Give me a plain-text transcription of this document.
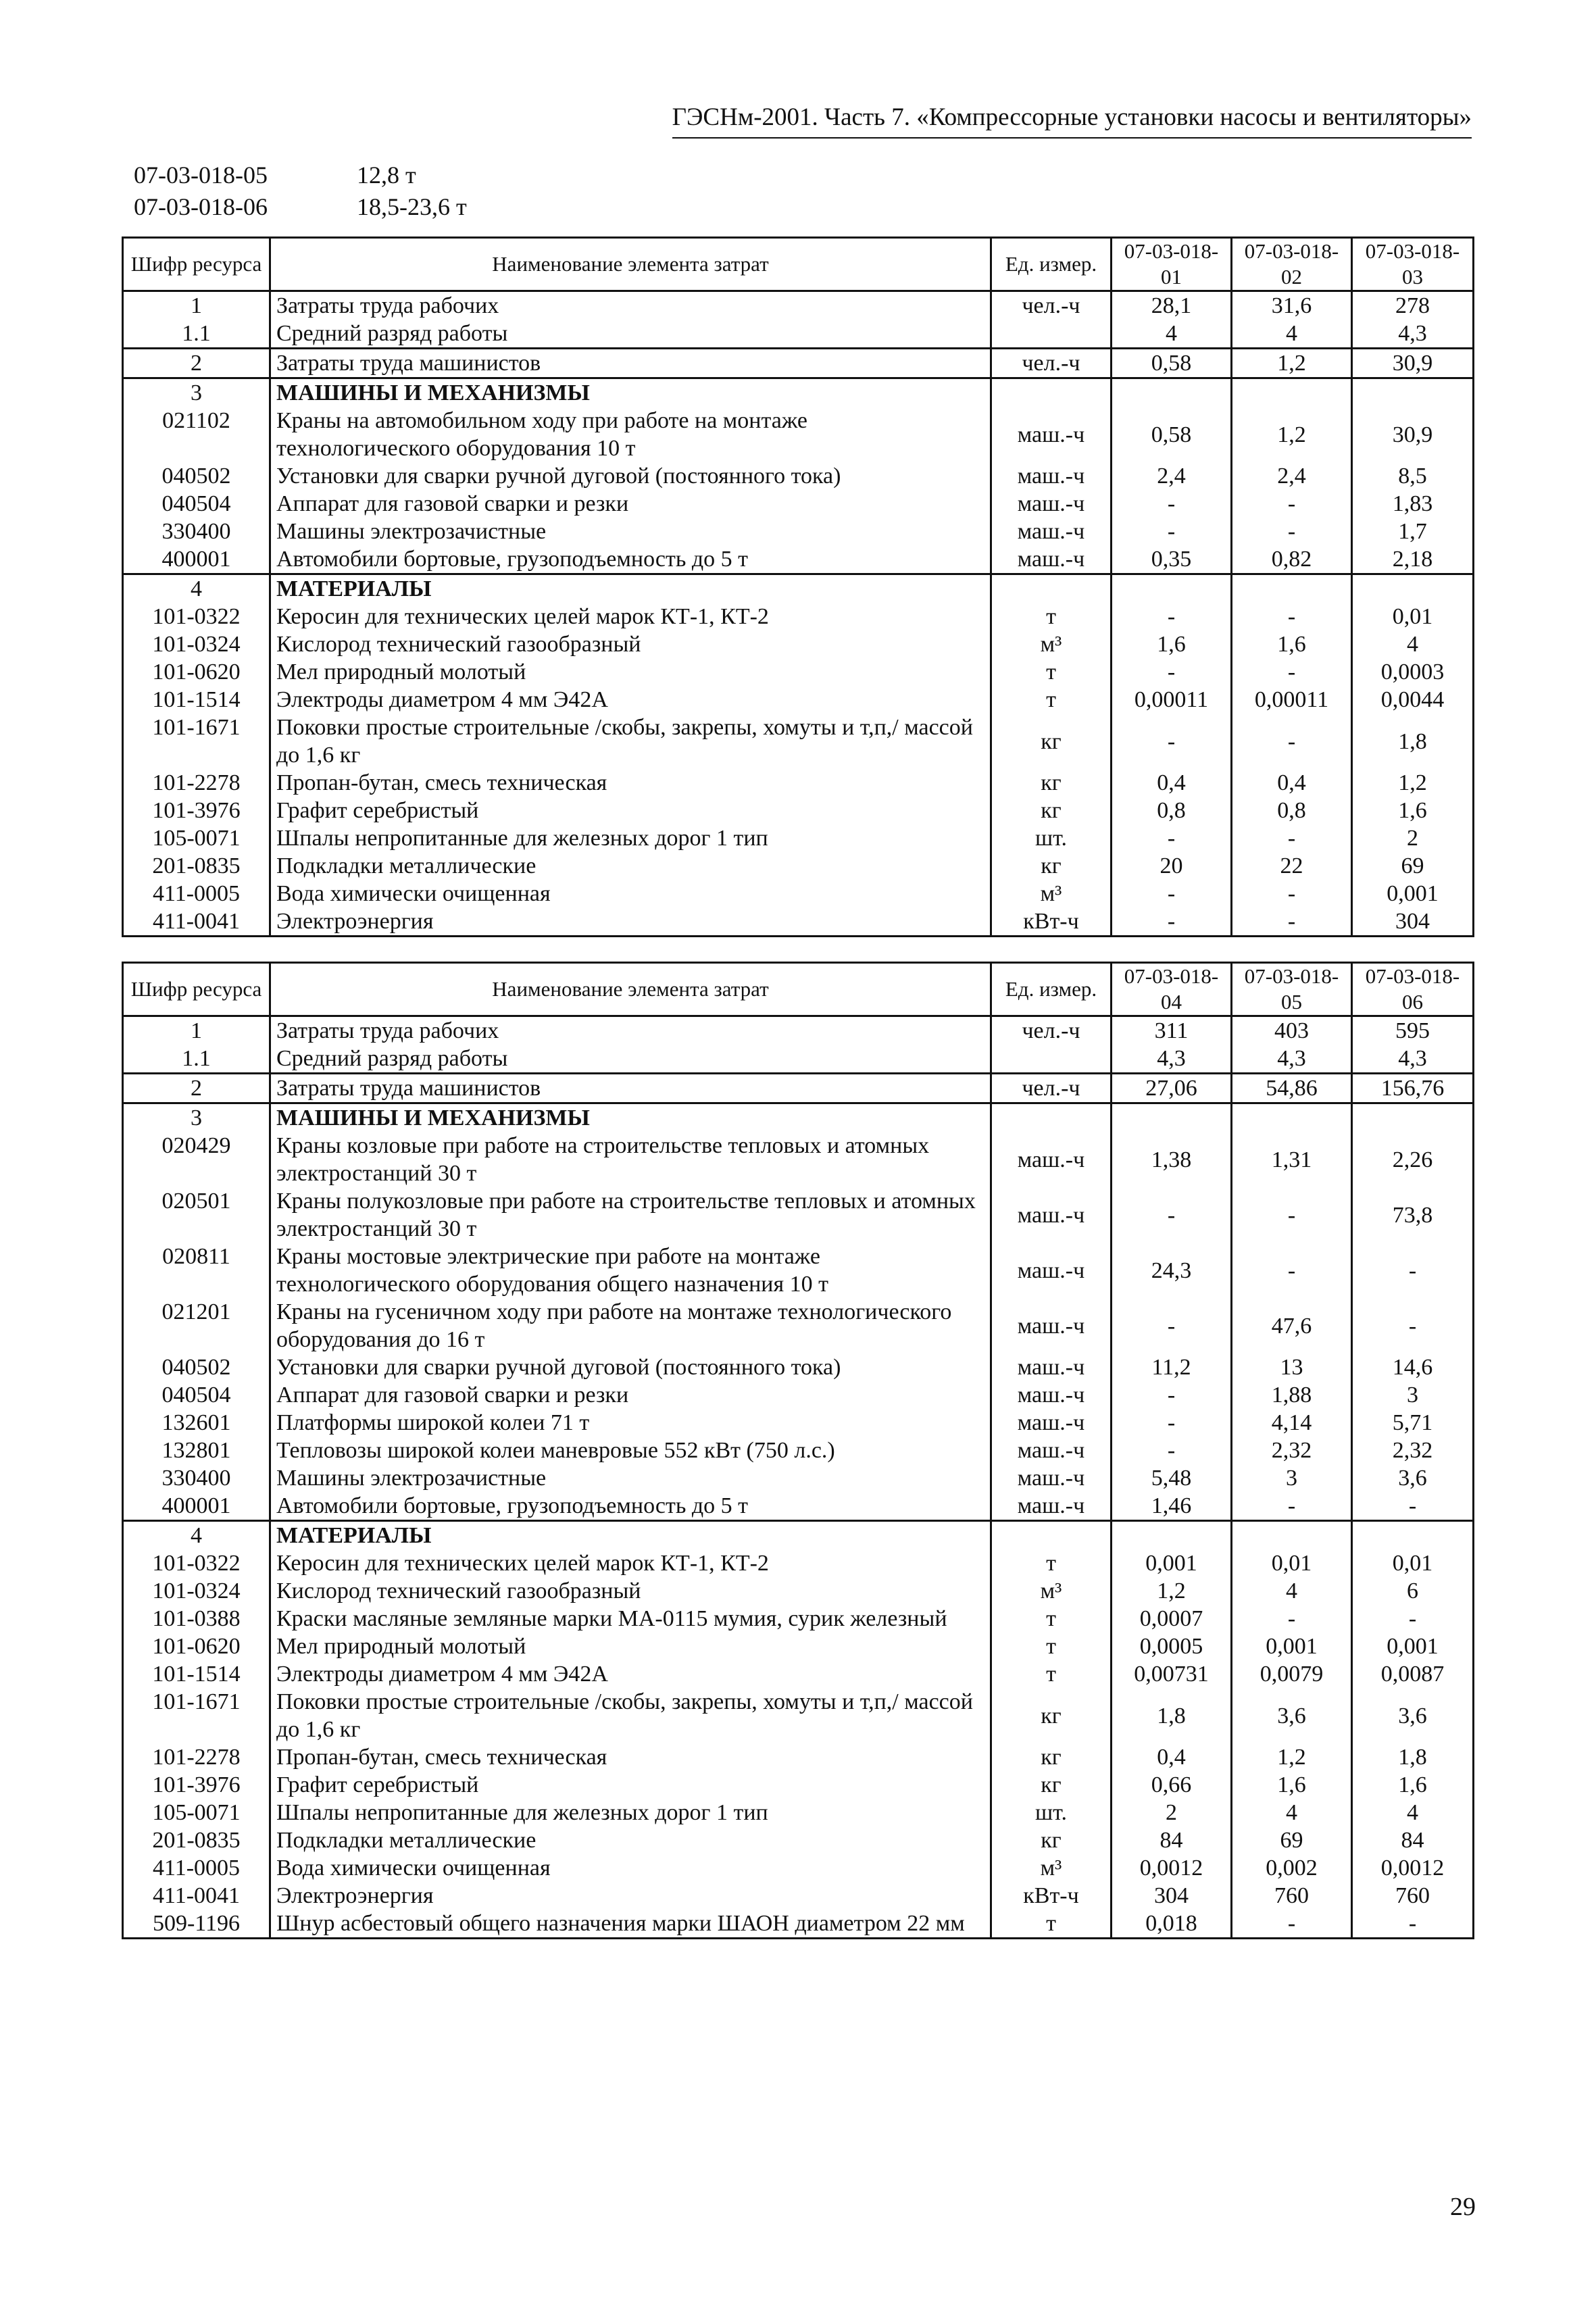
ГЭСНм-2001. Часть 7. «Компрессорные установки насосы и вентиляторы»
07-03-018-05	12,8 т
07-03-018-06	18,5-23,6 т
Шифр ресурса	Наименование элемента затрат	Ед. измер.	07-03-018-01	07-03-018-02	07-03-018-03
1	Затраты труда рабочих	чел.-ч	28,1	31,6	278
1.1	Средний разряд работы		4	4	4,3
2	Затраты труда машинистов	чел.-ч	0,58	1,2	30,9
3	МАШИНЫ И МЕХАНИЗМЫ				
021102	Краны на автомобильном ходу при работе на монтаже технологического оборудования 10 т	маш.-ч	0,58	1,2	30,9
040502	Установки для сварки ручной дуговой (постоянного тока)	маш.-ч	2,4	2,4	8,5
040504	Аппарат для газовой сварки и резки	маш.-ч	-	-	1,83
330400	Машины электрозачистные	маш.-ч	-	-	1,7
400001	Автомобили бортовые, грузоподъемность до 5 т	маш.-ч	0,35	0,82	2,18
4	МАТЕРИАЛЫ				
101-0322	Керосин для технических целей марок КТ-1, КТ-2	т	-	-	0,01
101-0324	Кислород технический газообразный	м³	1,6	1,6	4
101-0620	Мел природный молотый	т	-	-	0,0003
101-1514	Электроды диаметром 4 мм Э42А	т	0,00011	0,00011	0,0044
101-1671	Поковки простые строительные /скобы, закрепы, хомуты и т,п,/ массой до 1,6 кг	кг	-	-	1,8
101-2278	Пропан-бутан, смесь техническая	кг	0,4	0,4	1,2
101-3976	Графит серебристый	кг	0,8	0,8	1,6
105-0071	Шпалы непропитанные для железных дорог 1 тип	шт.	-	-	2
201-0835	Подкладки металлические	кг	20	22	69
411-0005	Вода химически очищенная	м³	-	-	0,001
411-0041	Электроэнергия	кВт-ч	-	-	304
Шифр ресурса	Наименование элемента затрат	Ед. измер.	07-03-018-04	07-03-018-05	07-03-018-06
1	Затраты труда рабочих	чел.-ч	311	403	595
1.1	Средний разряд работы		4,3	4,3	4,3
2	Затраты труда машинистов	чел.-ч	27,06	54,86	156,76
3	МАШИНЫ И МЕХАНИЗМЫ				
020429	Краны козловые при работе на строительстве тепловых и атомных электростанций 30 т	маш.-ч	1,38	1,31	2,26
020501	Краны полукозловые при работе на строительстве тепловых и атомных электростанций 30 т	маш.-ч	-	-	73,8
020811	Краны мостовые электрические при работе на монтаже технологического оборудования общего назначения 10 т	маш.-ч	24,3	-	-
021201	Краны на гусеничном ходу при работе на монтаже технологического оборудования до 16 т	маш.-ч	-	47,6	-
040502	Установки для сварки ручной дуговой (постоянного тока)	маш.-ч	11,2	13	14,6
040504	Аппарат для газовой сварки и резки	маш.-ч	-	1,88	3
132601	Платформы широкой колеи 71 т	маш.-ч	-	4,14	5,71
132801	Тепловозы широкой колеи маневровые 552 кВт (750 л.с.)	маш.-ч	-	2,32	2,32
330400	Машины электрозачистные	маш.-ч	5,48	3	3,6
400001	Автомобили бортовые, грузоподъемность до 5 т	маш.-ч	1,46	-	-
4	МАТЕРИАЛЫ				
101-0322	Керосин для технических целей марок КТ-1, КТ-2	т	0,001	0,01	0,01
101-0324	Кислород технический газообразный	м³	1,2	4	6
101-0388	Краски масляные земляные марки МА-0115 мумия, сурик железный	т	0,0007	-	-
101-0620	Мел природный молотый	т	0,0005	0,001	0,001
101-1514	Электроды диаметром 4 мм Э42А	т	0,00731	0,0079	0,0087
101-1671	Поковки простые строительные /скобы, закрепы, хомуты и т,п,/ массой до 1,6 кг	кг	1,8	3,6	3,6
101-2278	Пропан-бутан, смесь техническая	кг	0,4	1,2	1,8
101-3976	Графит серебристый	кг	0,66	1,6	1,6
105-0071	Шпалы непропитанные для железных дорог 1 тип	шт.	2	4	4
201-0835	Подкладки металлические	кг	84	69	84
411-0005	Вода химически очищенная	м³	0,0012	0,002	0,0012
411-0041	Электроэнергия	кВт-ч	304	760	760
509-1196	Шнур асбестовый общего назначения марки ШАОН диаметром 22 мм	т	0,018	-	-
29
